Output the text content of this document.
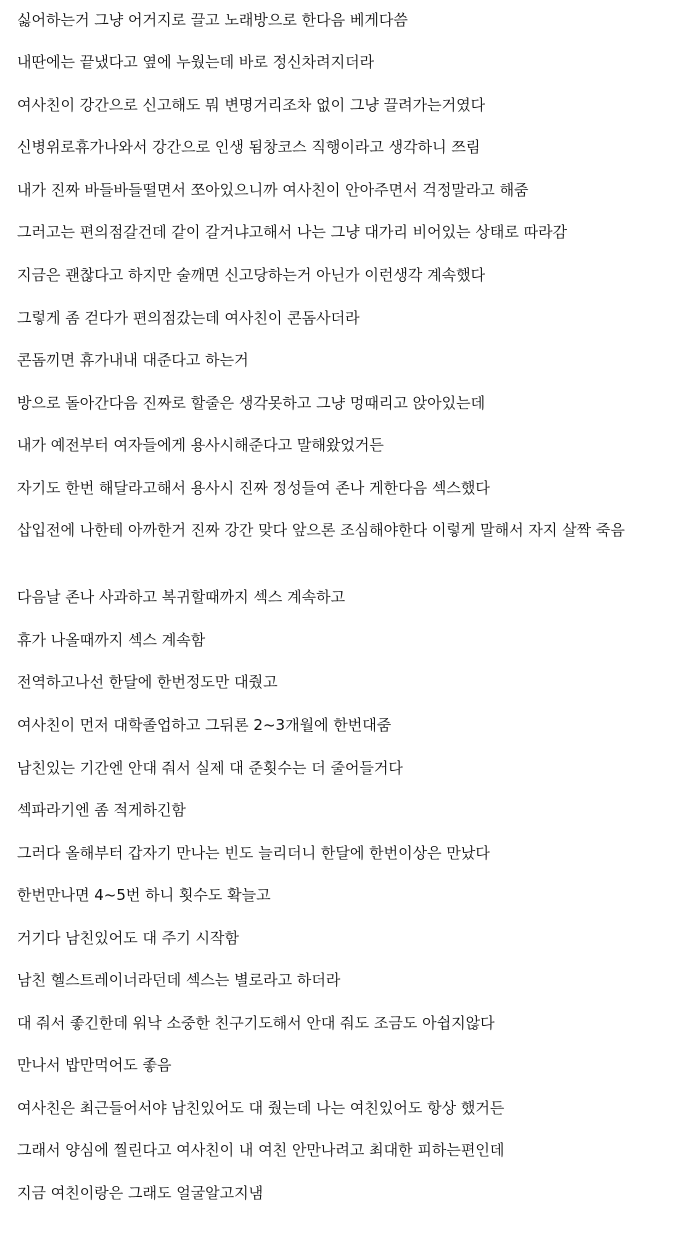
싫어하는거 그냥 어거지로 끌고 노래방으로 한다음 베게다씀
내딴에는 끝냈다고 옆에 누웠는데 바로 정신차려지더라
여사친이 강간으로 신고해도 뭐 변명거리조차 없이 그냥 끌려가는거였다
신병위로휴가나와서 강간으로 인생 됨창코스 직행이라고 생각하니 쯔림
내가 진짜 바들바들떨면서 쪼아있으니까 여사친이 안아주면서 걱정말라고 해줌
그러고는 편의점갈건데 같이 갈거냐고해서 나는 그냥 대가리 비어있는 상태로 따라감
지금은 괜찮다고 하지만 술깨면 신고당하는거 아닌가 이런생각 계속했다
그렇게 좀 걷다가 편의점갔는데 여사친이 콘돔사더라
콘돔끼면 휴가내내 대준다고 하는거
방으로 돌아간다음 진짜로 할줄은 생각못하고 그냥 멍때리고 앉아있는데
내가 예전부터 여자들에게 용사시해준다고 말해왔었거든
자기도 한번 해달라고해서 용사시 진짜 정성들여 존나 게한다음 섹스했다
삽입전에 나한테 아까한거 진짜 강간 맞다 앞으론 조심해야한다 이렇게 말해서 자지 살짝 죽음
다음날 존나 사과하고 복귀할때까지 섹스 계속하고
휴가 나올때까지 섹스 계속함
전역하고나선 한달에 한번정도만 대줬고
여사친이 먼저 대학졸업하고 그뒤론 2~3개월에 한번대줌
남친있는 기간엔 안대 줘서 실제 대 준횟수는 더 줄어들거다
섹파라기엔 좀 적게하긴함
그러다 올해부터 갑자기 만나는 빈도 늘리더니 한달에 한번이상은 만났다
한번만나면 4~5번 하니 횟수도 확늘고
거기다 남친있어도 대 주기 시작함
남친 헬스트레이너라던데 섹스는 별로라고 하더라
대 줘서 좋긴한데 워낙 소중한 친구기도해서 안대 줘도 조금도 아쉽지않다
만나서 밥만먹어도 좋음
여사친은 최근들어서야 남친있어도 대 줬는데 나는 여친있어도 항상 했거든
그래서 양심에 찔린다고 여사친이 내 여친 안만나려고 최대한 피하는편인데
지금 여친이랑은 그래도 얼굴알고지냄
